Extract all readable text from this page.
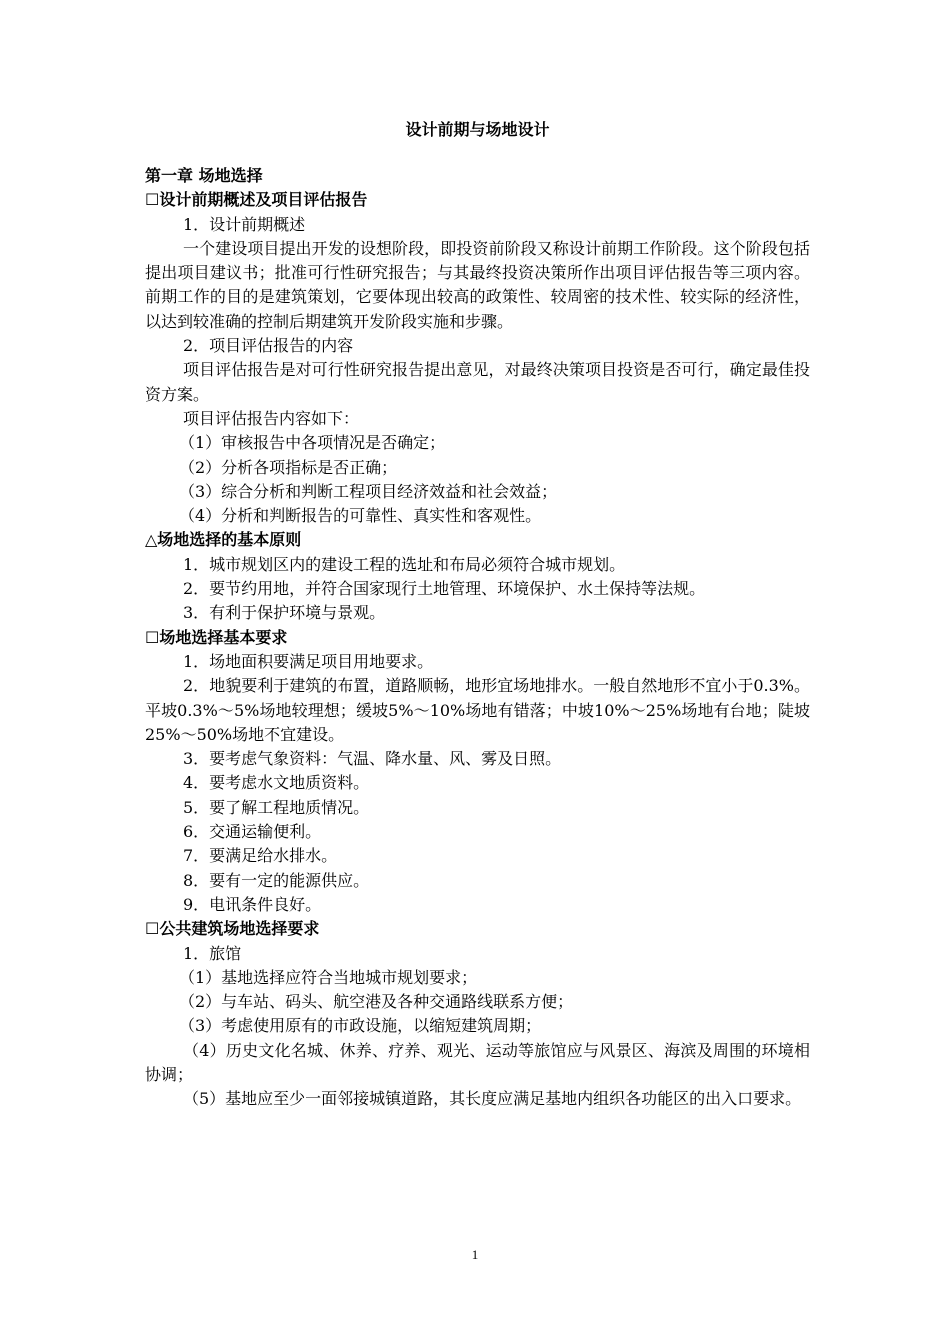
设计前期与场地设计

第一章 场地选择

☐设计前期概述及项目评估报告

1．设计前期概述

一个建设项目提出开发的设想阶段，即投资前阶段又称设计前期工作阶段。这个阶段包括提出项目建议书；批准可行性研究报告；与其最终投资决策所作出项目评估报告等三项内容。前期工作的目的是建筑策划，它要体现出较高的政策性、较周密的技术性、较实际的经济性，以达到较准确的控制后期建筑开发阶段实施和步骤。

2．项目评估报告的内容

项目评估报告是对可行性研究报告提出意见，对最终决策项目投资是否可行，确定最佳投资方案。

项目评估报告内容如下：

（1）审核报告中各项情况是否确定；

（2）分析各项指标是否正确；

（3）综合分析和判断工程项目经济效益和社会效益；

（4）分析和判断报告的可靠性、真实性和客观性。

△场地选择的基本原则

1．城市规划区内的建设工程的选址和布局必须符合城市规划。

2．要节约用地，并符合国家现行土地管理、环境保护、水土保持等法规。

3．有利于保护环境与景观。

☐场地选择基本要求

1．场地面积要满足项目用地要求。

2．地貌要利于建筑的布置，道路顺畅，地形宜场地排水。一般自然地形不宜小于0.3%。平坡0.3%～5%场地较理想；缓坡5%～10%场地有错落；中坡10%～25%场地有台地；陡坡25%～50%场地不宜建设。

3．要考虑气象资料：气温、降水量、风、雾及日照。

4．要考虑水文地质资料。

5．要了解工程地质情况。

6．交通运输便利。

7．要满足给水排水。

8．要有一定的能源供应。

9．电讯条件良好。

☐公共建筑场地选择要求

1．旅馆

（1）基地选择应符合当地城市规划要求；

（2）与车站、码头、航空港及各种交通路线联系方便；

（3）考虑使用原有的市政设施，以缩短建筑周期；

（4）历史文化名城、休养、疗养、观光、运动等旅馆应与风景区、海滨及周围的环境相协调；

（5）基地应至少一面邻接城镇道路，其长度应满足基地内组织各功能区的出入口要求。

1
